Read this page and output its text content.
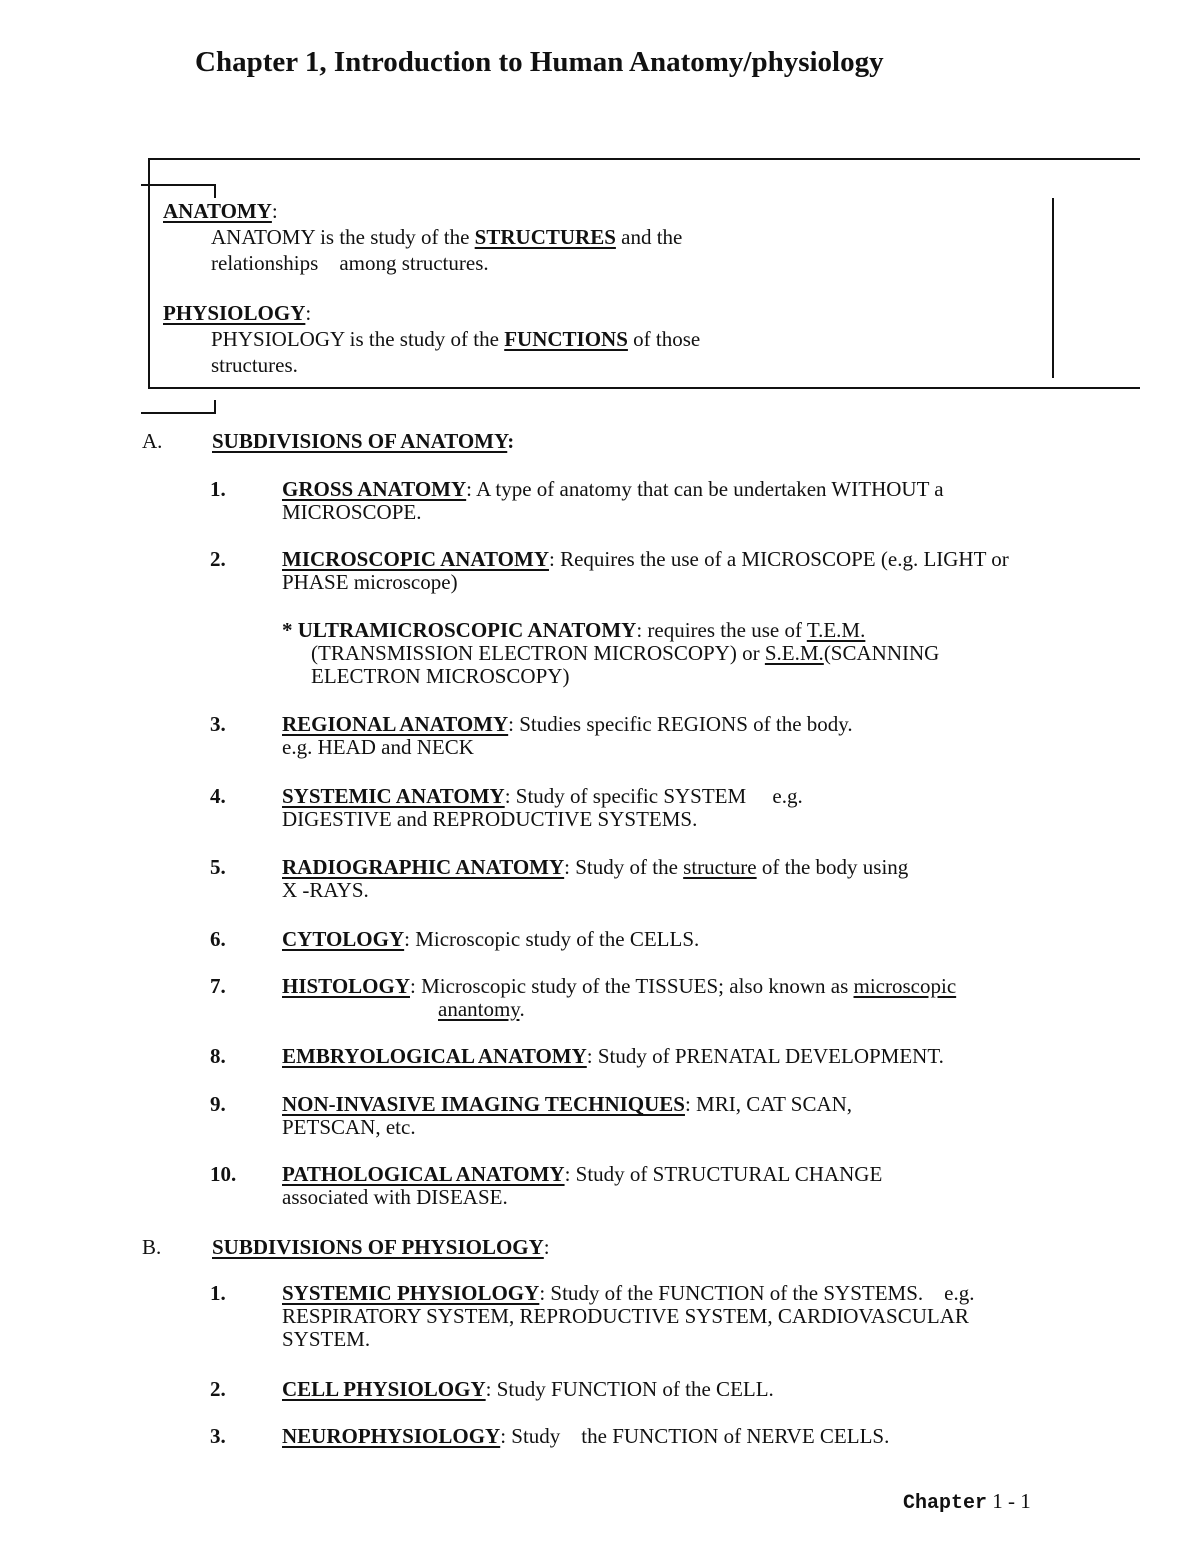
Chapter 1, Introduction to Human Anatomy/physiology
ANATOMY:
ANATOMY is the study of the STRUCTURES and the
relationships    among structures.
PHYSIOLOGY:
PHYSIOLOGY is the study of the FUNCTIONS of those
structures.
A. SUBDIVISIONS OF ANATOMY:
1.	GROSS ANATOMY: A type of anatomy that can be undertaken WITHOUT a MICROSCOPE.
2.	MICROSCOPIC ANATOMY: Requires the use of a MICROSCOPE (e.g. LIGHT or PHASE microscope)
* ULTRAMICROSCOPIC ANATOMY: requires the use of T.E.M.
(TRANSMISSION ELECTRON MICROSCOPY) or S.E.M.(SCANNING
ELECTRON MICROSCOPY)
3.	REGIONAL ANATOMY: Studies specific REGIONS of the body.
e.g. HEAD and NECK
4.	SYSTEMIC ANATOMY: Study of specific SYSTEM     e.g.
DIGESTIVE and REPRODUCTIVE SYSTEMS.
5.	RADIOGRAPHIC ANATOMY: Study of the structure of the body using
X -RAYS.
6.	CYTOLOGY: Microscopic study of the CELLS.
7.	HISTOLOGY: Microscopic study of the TISSUES; also known as microscopic
anantomy.
8.	EMBRYOLOGICAL ANATOMY: Study of PRENATAL DEVELOPMENT.
9.	NON-INVASIVE IMAGING TECHNIQUES: MRI, CAT SCAN,
PETSCAN, etc.
10. PATHOLOGICAL ANATOMY: Study of STRUCTURAL CHANGE
associated with DISEASE.
B. SUBDIVISIONS OF PHYSIOLOGY:
1.	SYSTEMIC PHYSIOLOGY: Study of the FUNCTION of the SYSTEMS.    e.g. RESPIRATORY SYSTEM, REPRODUCTIVE SYSTEM, CARDIOVASCULAR SYSTEM.
2.	CELL PHYSIOLOGY: Study FUNCTION of the CELL.
3.	NEUROPHYSIOLOGY: Study    the FUNCTION of NERVE CELLS.
Chapter 1 - 1
